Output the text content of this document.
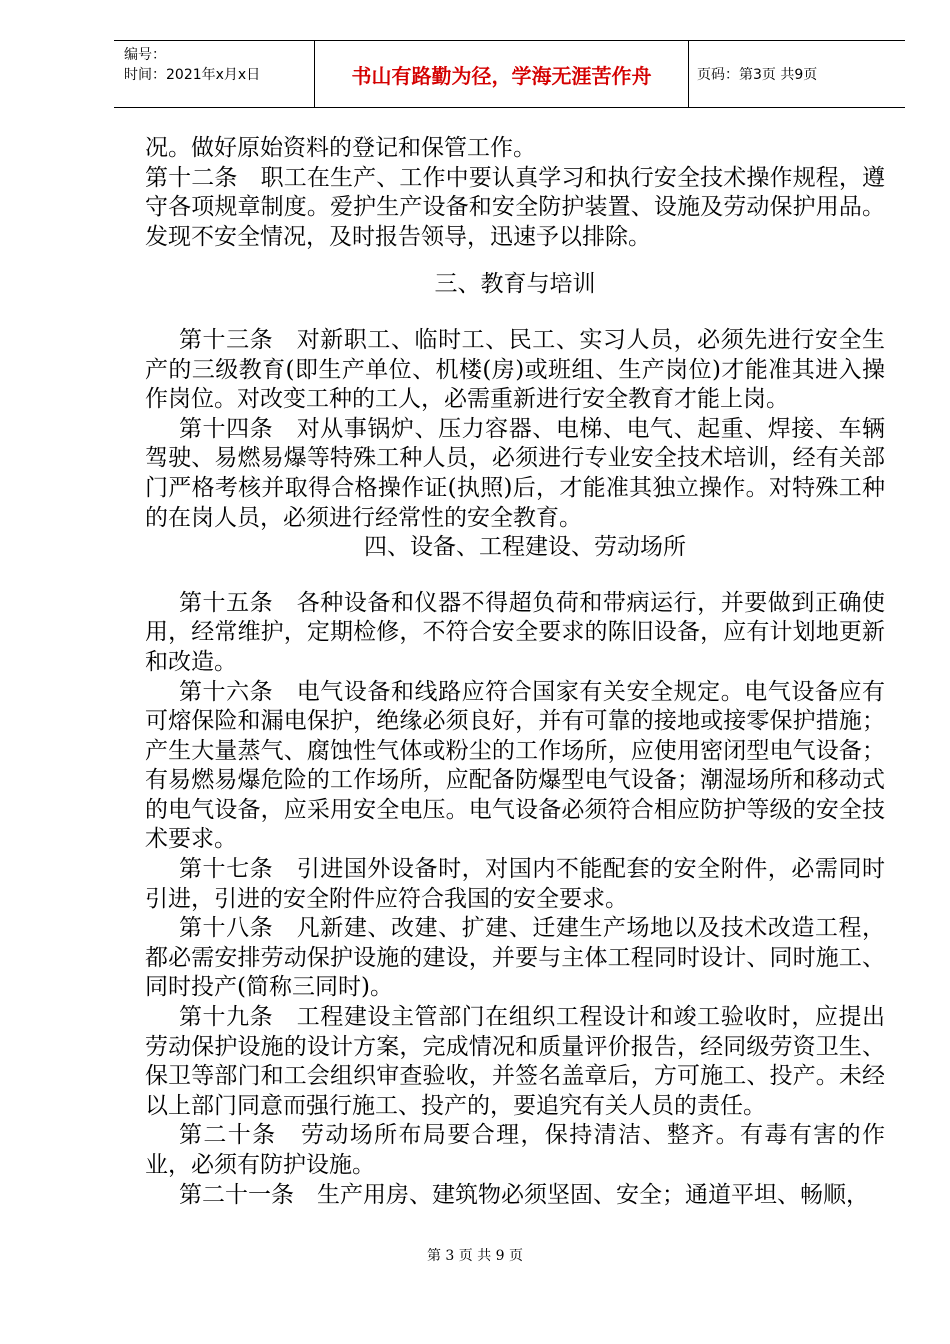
编号：
时间：2021年x月x日	书山有路勤为径，学海无涯苦作舟	页码：第3页 共9页

况。做好原始资料的登记和保管工作。

第十二条　职工在生产、工作中要认真学习和执行安全技术操作规程，遵守各项规章制度。爱护生产设备和安全防护装置、设施及劳动保护用品。发现不安全情况，及时报告领导，迅速予以排除。

三、教育与培训

第十三条　对新职工、临时工、民工、实习人员，必须先进行安全生产的三级教育(即生产单位、机楼(房)或班组、生产岗位)才能准其进入操作岗位。对改变工种的工人，必需重新进行安全教育才能上岗。

第十四条　对从事锅炉、压力容器、电梯、电气、起重、焊接、车辆驾驶、易燃易爆等特殊工种人员，必须进行专业安全技术培训，经有关部门严格考核并取得合格操作证(执照)后，才能准其独立操作。对特殊工种的在岗人员，必须进行经常性的安全教育。

四、设备、工程建设、劳动场所

第十五条　各种设备和仪器不得超负荷和带病运行，并要做到正确使用，经常维护，定期检修，不符合安全要求的陈旧设备，应有计划地更新和改造。

第十六条　电气设备和线路应符合国家有关安全规定。电气设备应有可熔保险和漏电保护，绝缘必须良好，并有可靠的接地或接零保护措施；产生大量蒸气、腐蚀性气体或粉尘的工作场所，应使用密闭型电气设备；有易燃易爆危险的工作场所，应配备防爆型电气设备；潮湿场所和移动式的电气设备，应采用安全电压。电气设备必须符合相应防护等级的安全技术要求。

第十七条　引进国外设备时，对国内不能配套的安全附件，必需同时引进，引进的安全附件应符合我国的安全要求。

第十八条　凡新建、改建、扩建、迁建生产场地以及技术改造工程，都必需安排劳动保护设施的建设，并要与主体工程同时设计、同时施工、同时投产(简称三同时)。

第十九条　工程建设主管部门在组织工程设计和竣工验收时，应提出劳动保护设施的设计方案，完成情况和质量评价报告，经同级劳资卫生、保卫等部门和工会组织审查验收，并签名盖章后，方可施工、投产。未经以上部门同意而强行施工、投产的，要追究有关人员的责任。

第二十条　劳动场所布局要合理，保持清洁、整齐。有毒有害的作业，必须有防护设施。

第二十一条　生产用房、建筑物必须坚固、安全；通道平坦、畅顺，

第 3 页 共 9 页
